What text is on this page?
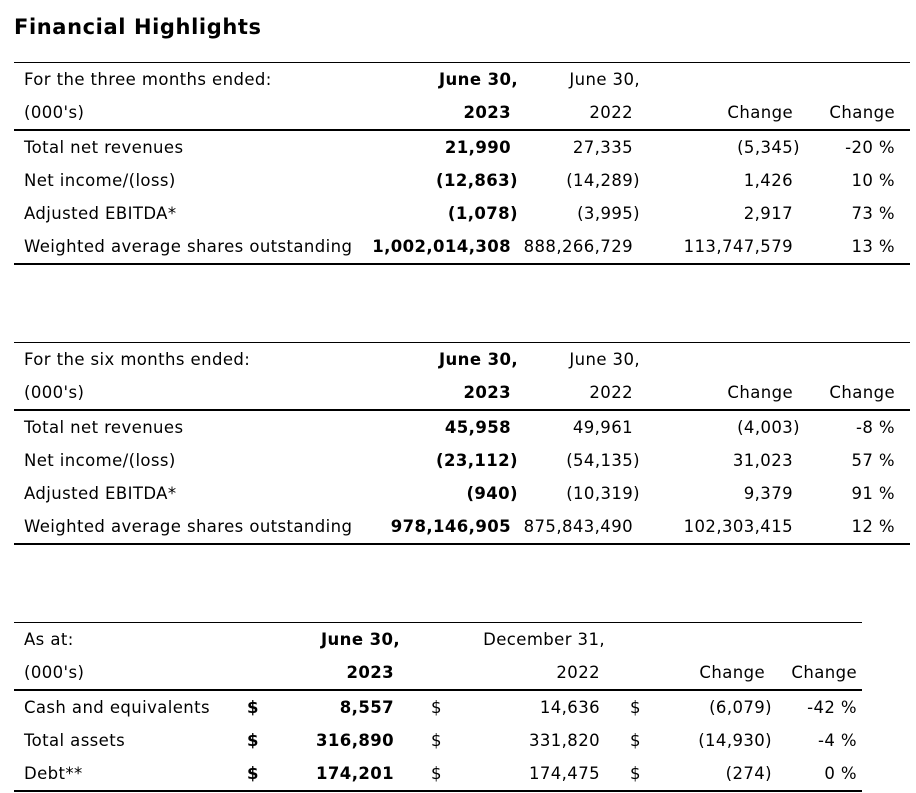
Financial Highlights
For the three months ended:	June 30,	June 30,		
(000's)	2023	2022	Change	Change
Total net revenues	21,990	27,335	(5,345)	-20 %
Net income/(loss)	(12,863)	(14,289)	1,426	10 %
Adjusted EBITDA*	(1,078)	(3,995)	2,917	73 %
Weighted average shares outstanding	1,002,014,308	888,266,729	113,747,579	13 %
For the six months ended:	June 30,	June 30,		
(000's)	2023	2022	Change	Change
Total net revenues	45,958	49,961	(4,003)	-8 %
Net income/(loss)	(23,112)	(54,135)	31,023	57 %
Adjusted EBITDA*	(940)	(10,319)	9,379	91 %
Weighted average shares outstanding	978,146,905	875,843,490	102,303,415	12 %
As at:		June 30,		December 31,			
(000's)		2023		2022		Change	Change
Cash and equivalents	$	8,557	$	14,636	$	(6,079)	-42 %
Total assets	$	316,890	$	331,820	$	(14,930)	-4 %
Debt**	$	174,201	$	174,475	$	(274)	0 %
